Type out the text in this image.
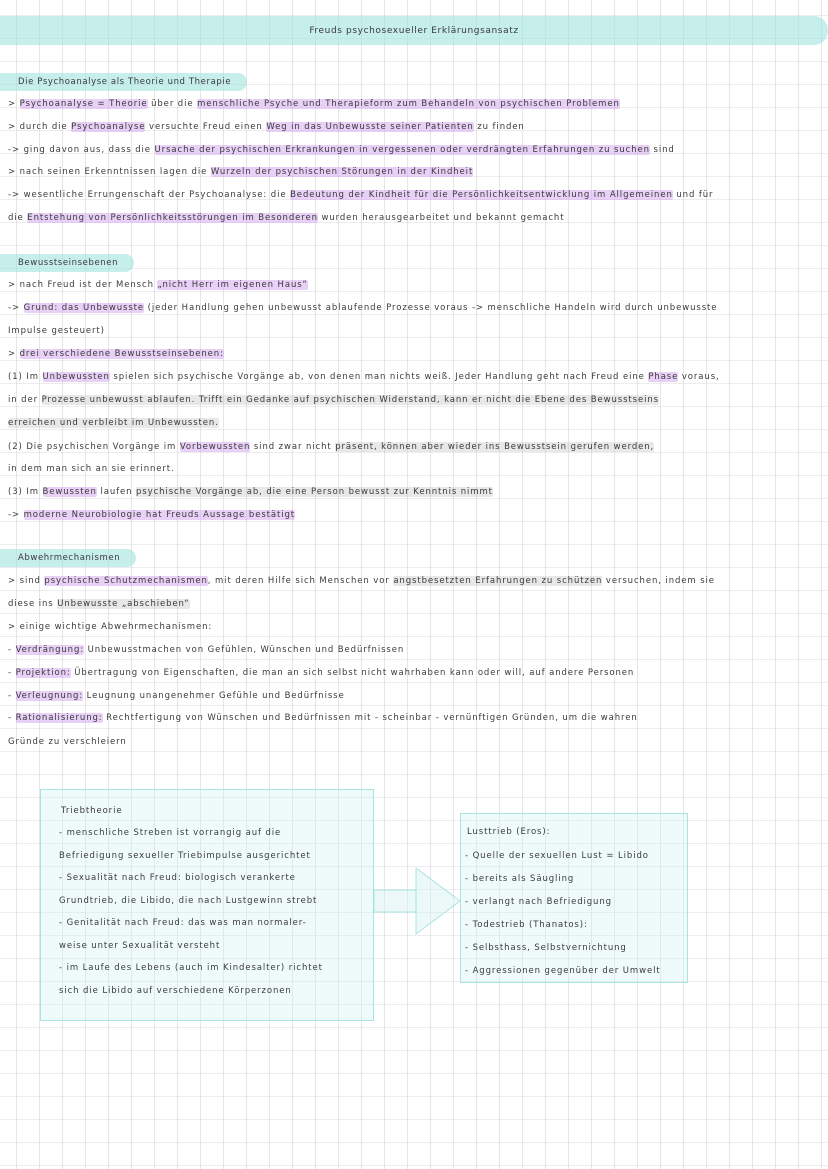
Freuds psychosexueller Erklärungsansatz
Die Psychoanalyse als Theorie und Therapie
> Psychoanalyse = Theorie über die menschliche Psyche und Therapieform zum Behandeln von psychischen Problemen
> durch die Psychoanalyse versuchte Freud einen Weg in das Unbewusste seiner Patienten zu finden
-> ging davon aus, dass die Ursache der psychischen Erkrankungen in vergessenen oder verdrängten Erfahrungen zu suchen sind
> nach seinen Erkenntnissen lagen die Wurzeln der psychischen Störungen in der Kindheit
-> wesentliche Errungenschaft der Psychoanalyse: die Bedeutung der Kindheit für die Persönlichkeitsentwicklung im Allgemeinen und für
die Entstehung von Persönlichkeitsstörungen im Besonderen wurden herausgearbeitet und bekannt gemacht
Bewusstseinsebenen
> nach Freud ist der Mensch „nicht Herr im eigenen Haus“
-> Grund: das Unbewusste (jeder Handlung gehen unbewusst ablaufende Prozesse voraus -> menschliche Handeln wird durch unbewusste
Impulse gesteuert)
> drei verschiedene Bewusstseinsebenen:
(1) Im Unbewussten spielen sich psychische Vorgänge ab, von denen man nichts weiß. Jeder Handlung geht nach Freud eine Phase voraus,
in der Prozesse unbewusst ablaufen. Trifft ein Gedanke auf psychischen Widerstand, kann er nicht die Ebene des Bewusstseins
erreichen und verbleibt im Unbewussten.
(2) Die psychischen Vorgänge im Vorbewussten sind zwar nicht präsent, können aber wieder ins Bewusstsein gerufen werden,
in dem man sich an sie erinnert.
(3) Im Bewussten laufen psychische Vorgänge ab, die eine Person bewusst zur Kenntnis nimmt
-> moderne Neurobiologie hat Freuds Aussage bestätigt
Abwehrmechanismen
> sind psychische Schutzmechanismen, mit deren Hilfe sich Menschen vor angstbesetzten Erfahrungen zu schützen versuchen, indem sie
diese ins Unbewusste „abschieben“
> einige wichtige Abwehrmechanismen:
- Verdrängung: Unbewusstmachen von Gefühlen, Wünschen und Bedürfnissen
- Projektion: Übertragung von Eigenschaften, die man an sich selbst nicht wahrhaben kann oder will, auf andere Personen
- Verleugnung: Leugnung unangenehmer Gefühle und Bedürfnisse
- Rationalisierung: Rechtfertigung von Wünschen und Bedürfnissen mit - scheinbar - vernünftigen Gründen, um die wahren
Gründe zu verschleiern
Triebtheorie
- menschliche Streben ist vorrangig auf die
Befriedigung sexueller Triebimpulse ausgerichtet
- Sexualität nach Freud: biologisch verankerte
Grundtrieb, die Libido, die nach Lustgewinn strebt
- Genitalität nach Freud: das was man normaler-
weise unter Sexualität versteht
- im Laufe des Lebens (auch im Kindesalter) richtet
sich die Libido auf verschiedene Körperzonen
Lusttrieb (Eros):
- Quelle der sexuellen Lust = Libido
- bereits als Säugling
- verlangt nach Befriedigung
- Todestrieb (Thanatos):
- Selbsthass, Selbstvernichtung
- Aggressionen gegenüber der Umwelt
